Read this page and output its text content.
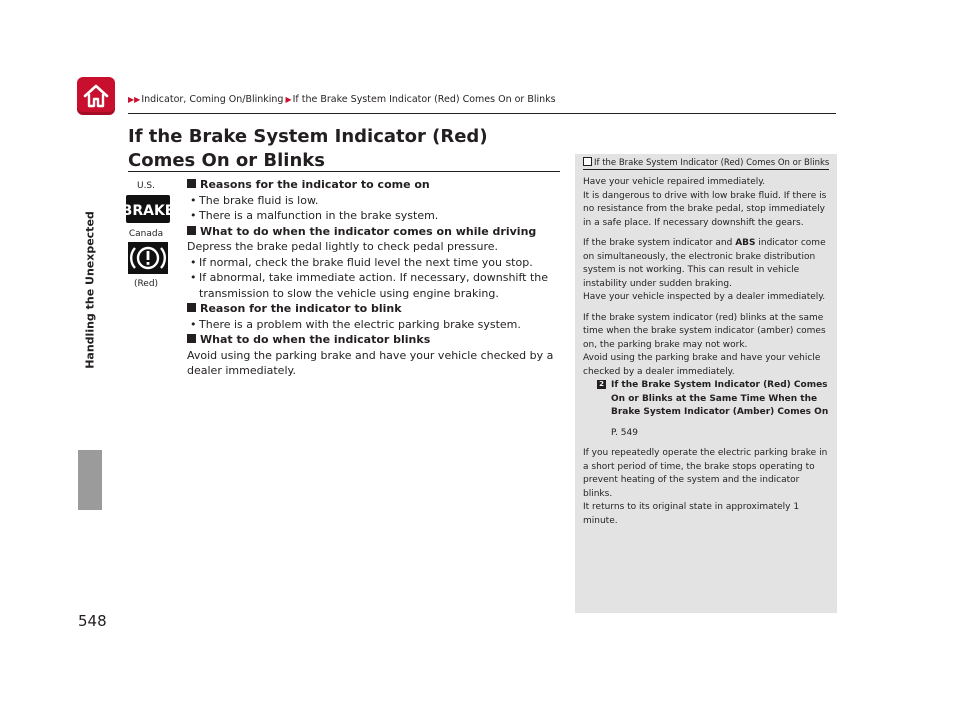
▶▶Indicator, Coming On/Blinking ▶If the Brake System Indicator (Red) Comes On or Blinks
Handling the Unexpected
548
If the Brake System Indicator (Red) Comes On or Blinks
U.S.
BRAKE
Canada
(Red)
Reasons for the indicator to come on
• The brake fluid is low.
• There is a malfunction in the brake system.
What to do when the indicator comes on while driving
Depress the brake pedal lightly to check pedal pressure.
• If normal, check the brake fluid level the next time you stop.
• If abnormal, take immediate action. If necessary, downshift the transmission to slow the vehicle using engine braking.
Reason for the indicator to blink
• There is a problem with the electric parking brake system.
What to do when the indicator blinks
Avoid using the parking brake and have your vehicle checked by a dealer immediately.
If the Brake System Indicator (Red) Comes On or Blinks

Have your vehicle repaired immediately.
It is dangerous to drive with low brake fluid. If there is no resistance from the brake pedal, stop immediately in a safe place. If necessary downshift the gears.

If the brake system indicator and ABS indicator come on simultaneously, the electronic brake distribution system is not working. This can result in vehicle instability under sudden braking.
Have your vehicle inspected by a dealer immediately.

If the brake system indicator (red) blinks at the same time when the brake system indicator (amber) comes on, the parking brake may not work.
Avoid using the parking brake and have your vehicle checked by a dealer immediately.

2 If the Brake System Indicator (Red) Comes On or Blinks at the Same Time When the Brake System Indicator (Amber) Comes On

P. 549

If you repeatedly operate the electric parking brake in a short period of time, the brake stops operating to prevent heating of the system and the indicator blinks.
It returns to its original state in approximately 1 minute.
